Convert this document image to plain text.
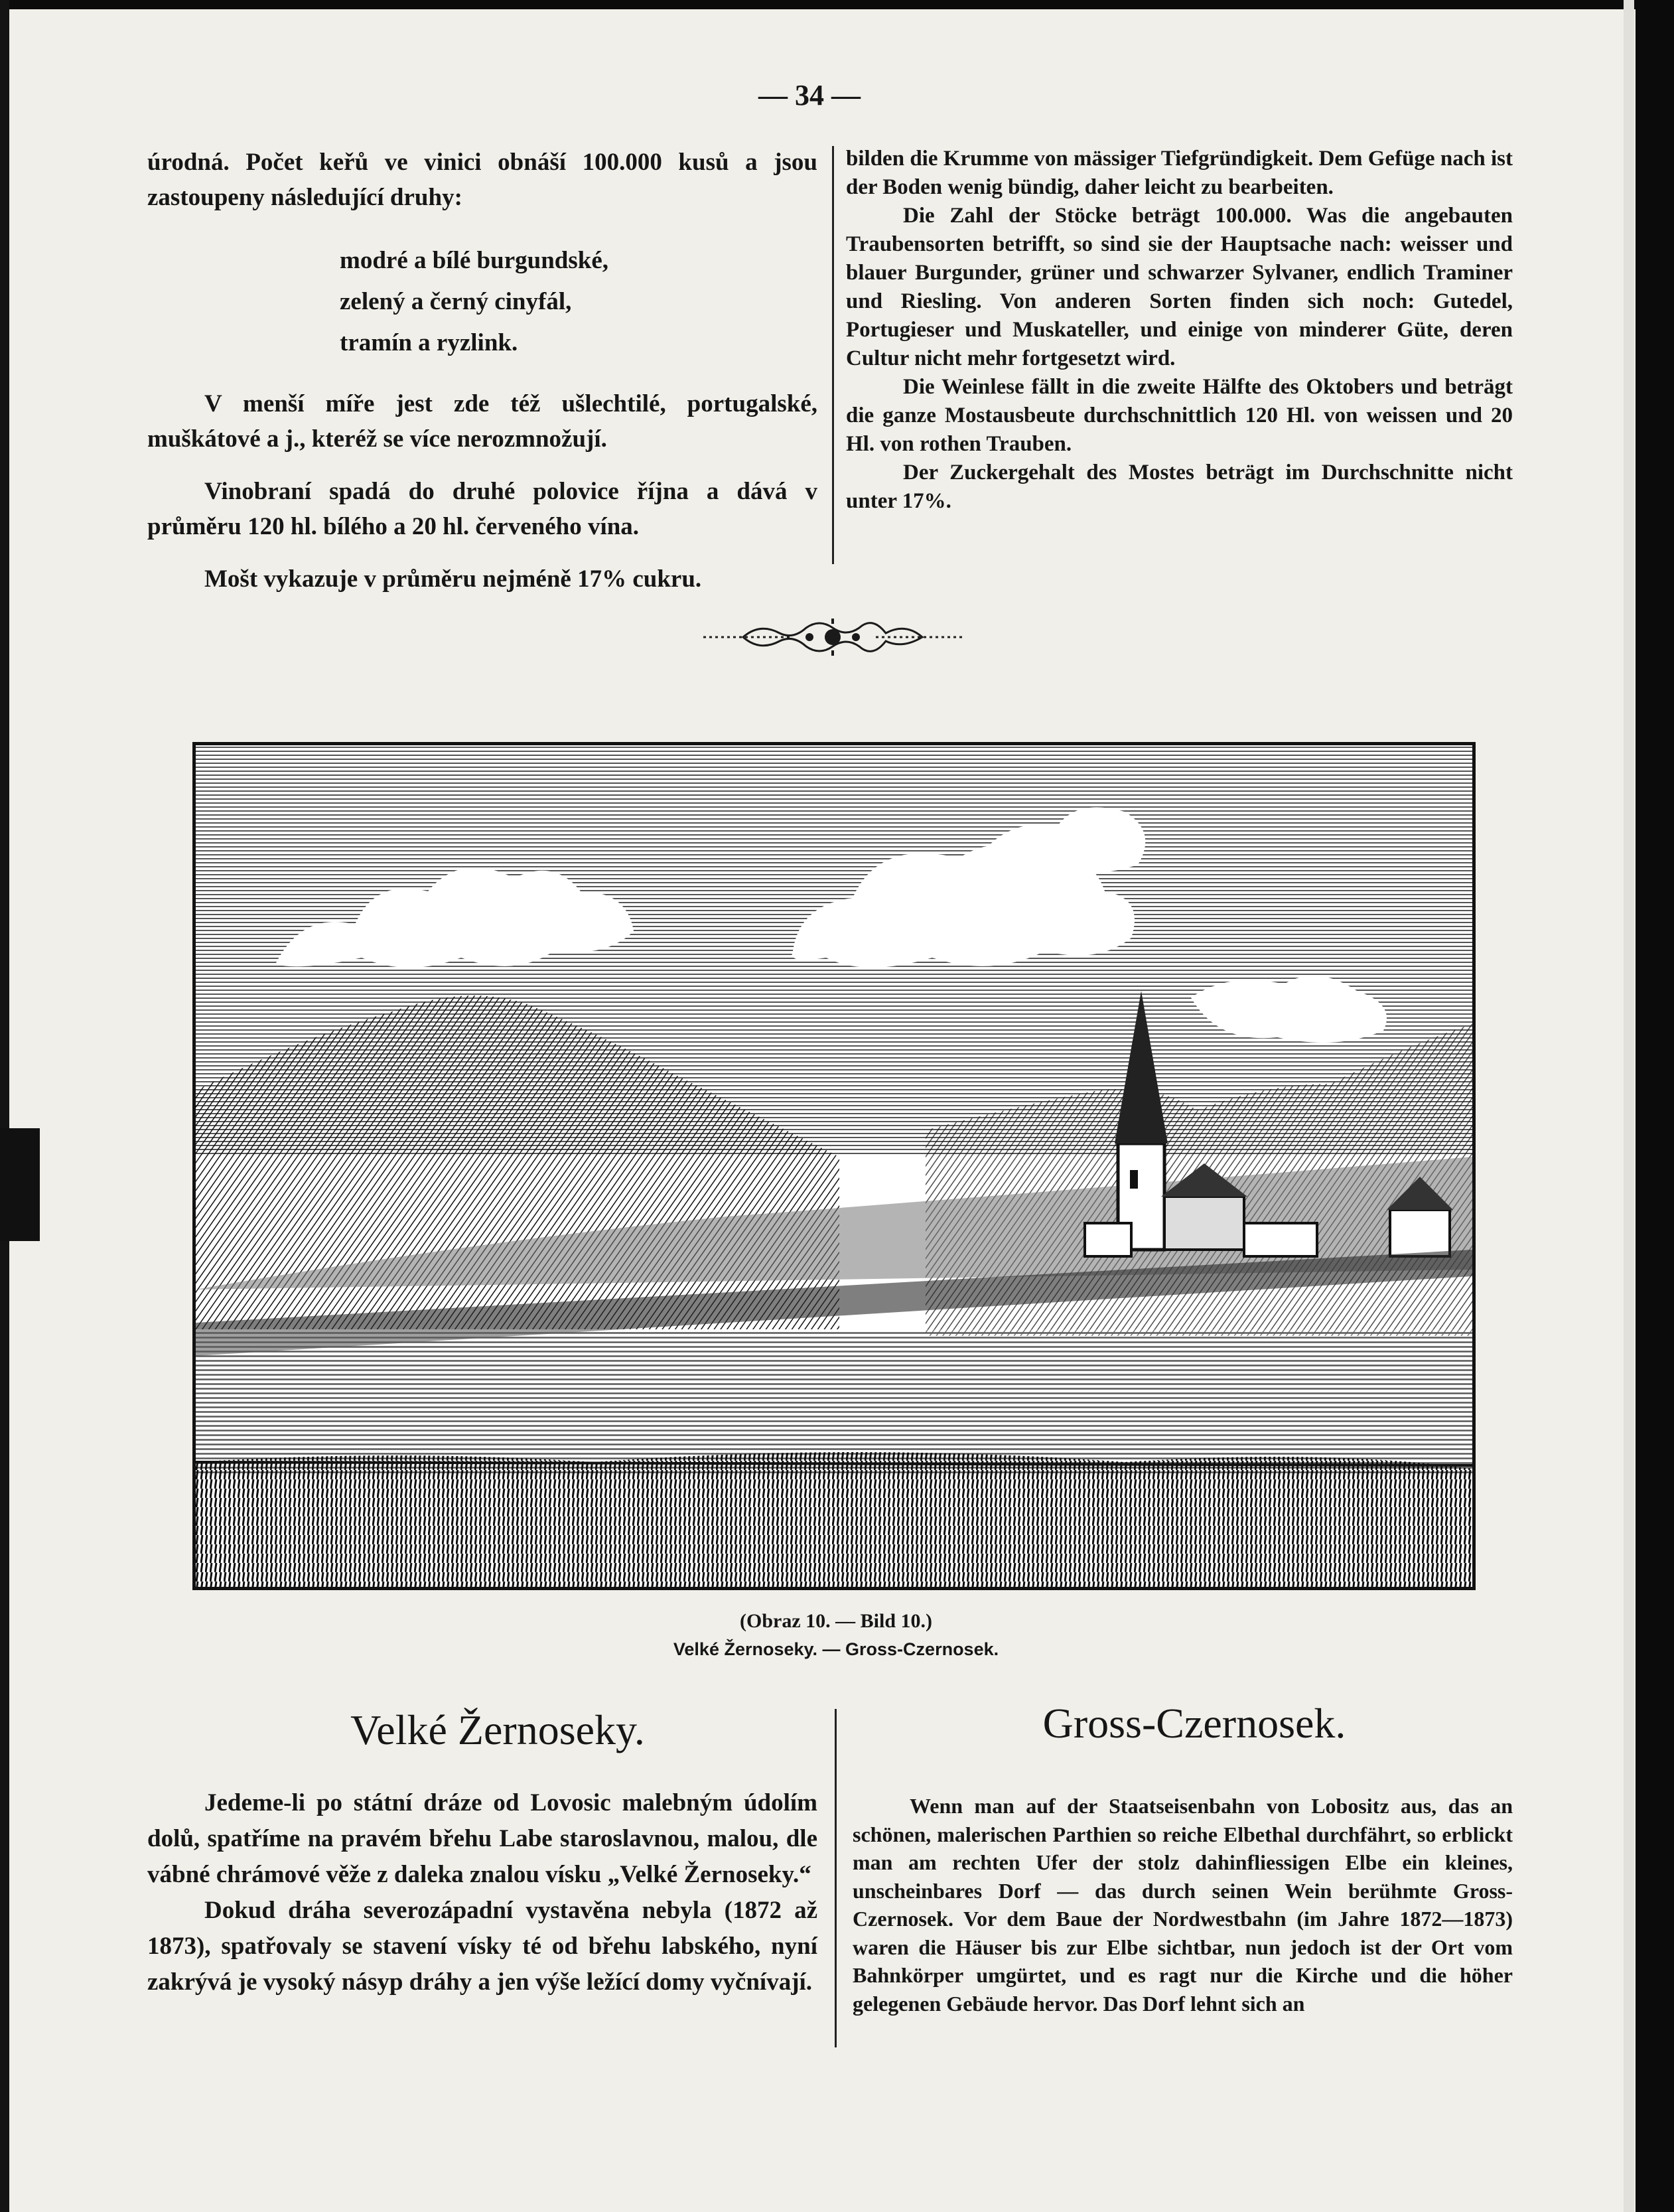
— 34 —

úrodná. Počet keřů ve vinici obnáší 100.000 kusů a jsou zastoupeny následující druhy:

modré a bílé burgundské,
zelený a černý cinyfál,
tramín a ryzlink.

V menší míře jest zde též ušlechtilé, portugalské, muškátové a j., kteréž se více nerozmnožují.

Vinobraní spadá do druhé polovice října a dává v průměru 120 hl. bílého a 20 hl. červeného vína.

Mošt vykazuje v průměru nejméně 17% cukru.

bilden die Krumme von mässiger Tiefgründigkeit. Dem Gefüge nach ist der Boden wenig bündig, daher leicht zu bearbeiten.

Die Zahl der Stöcke beträgt 100.000. Was die angebauten Traubensorten betrifft, so sind sie der Hauptsache nach: weisser und blauer Burgunder, grüner und schwarzer Sylvaner, endlich Traminer und Riesling. Von anderen Sorten finden sich noch: Gutedel, Portugieser und Muskateller, und einige von minderer Güte, deren Cultur nicht mehr fortgesetzt wird.

Die Weinlese fällt in die zweite Hälfte des Oktobers und beträgt die ganze Mostausbeute durchschnittlich 120 Hl. von weissen und 20 Hl. von rothen Trauben.

Der Zuckergehalt des Mostes beträgt im Durchschnitte nicht unter 17%.

(Obraz 10. — Bild 10.)
Velké Žernoseky. — Gross-Czernosek.
Velké Žernoseky.	Gross-Czernosek.

Jedeme-li po státní dráze od Lovosic malebným údolím dolů, spatříme na pravém břehu Labe staroslavnou, malou, dle vábné chrámové věže z daleka znalou vísku „Velké Žernoseky.“

Dokud dráha severozápadní vystavěna nebyla (1872 až 1873), spatřovaly se stavení vísky té od břehu labského, nyní zakrývá je vysoký násyp dráhy a jen výše ležící domy vyčnívají.

Wenn man auf der Staatseisenbahn von Lobositz aus, das an schönen, malerischen Parthien so reiche Elbethal durchfährt, so erblickt man am rechten Ufer der stolz dahinfliessigen Elbe ein kleines, unscheinbares Dorf — das durch seinen Wein berühmte Gross-Czernosek. Vor dem Baue der Nordwestbahn (im Jahre 1872—1873) waren die Häuser bis zur Elbe sichtbar, nun jedoch ist der Ort vom Bahnkörper umgürtet, und es ragt nur die Kirche und die höher gelegenen Gebäude hervor. Das Dorf lehnt sich an
